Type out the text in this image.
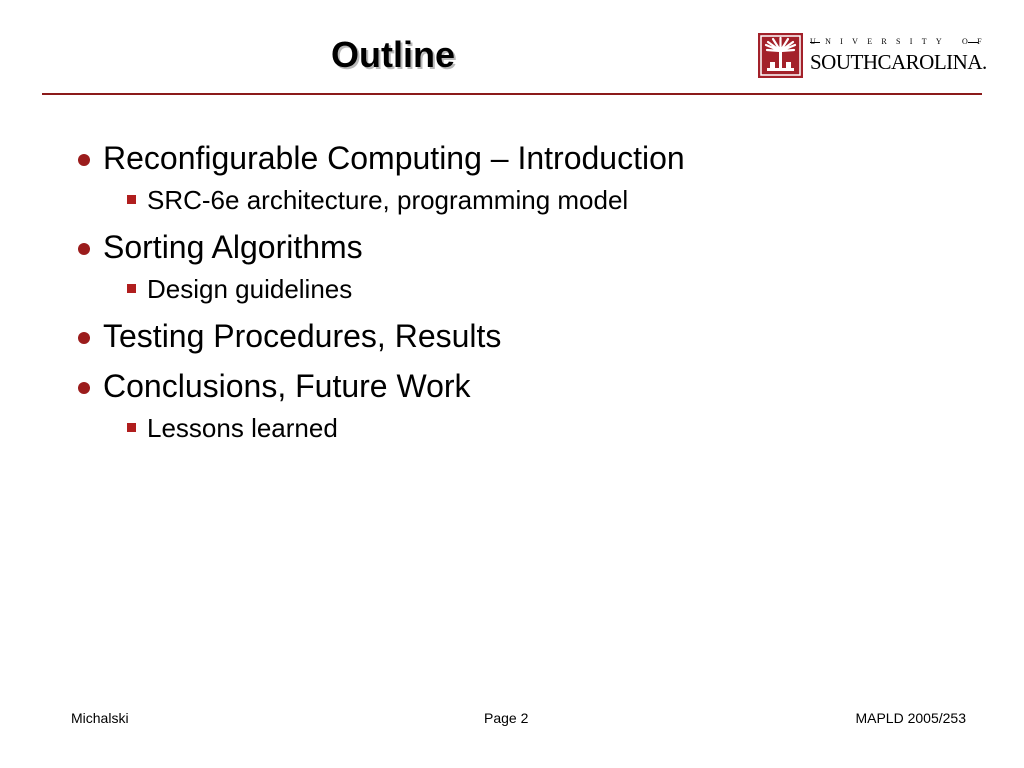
Outline	UNIVERSITY OF
SOUTHCAROLINA.
Reconfigurable Computing – Introduction
SRC-6e architecture, programming model
Sorting Algorithms
Design guidelines
Testing Procedures, Results
Conclusions, Future Work
Lessons learned
Michalski	Page 2	MAPLD 2005/253
